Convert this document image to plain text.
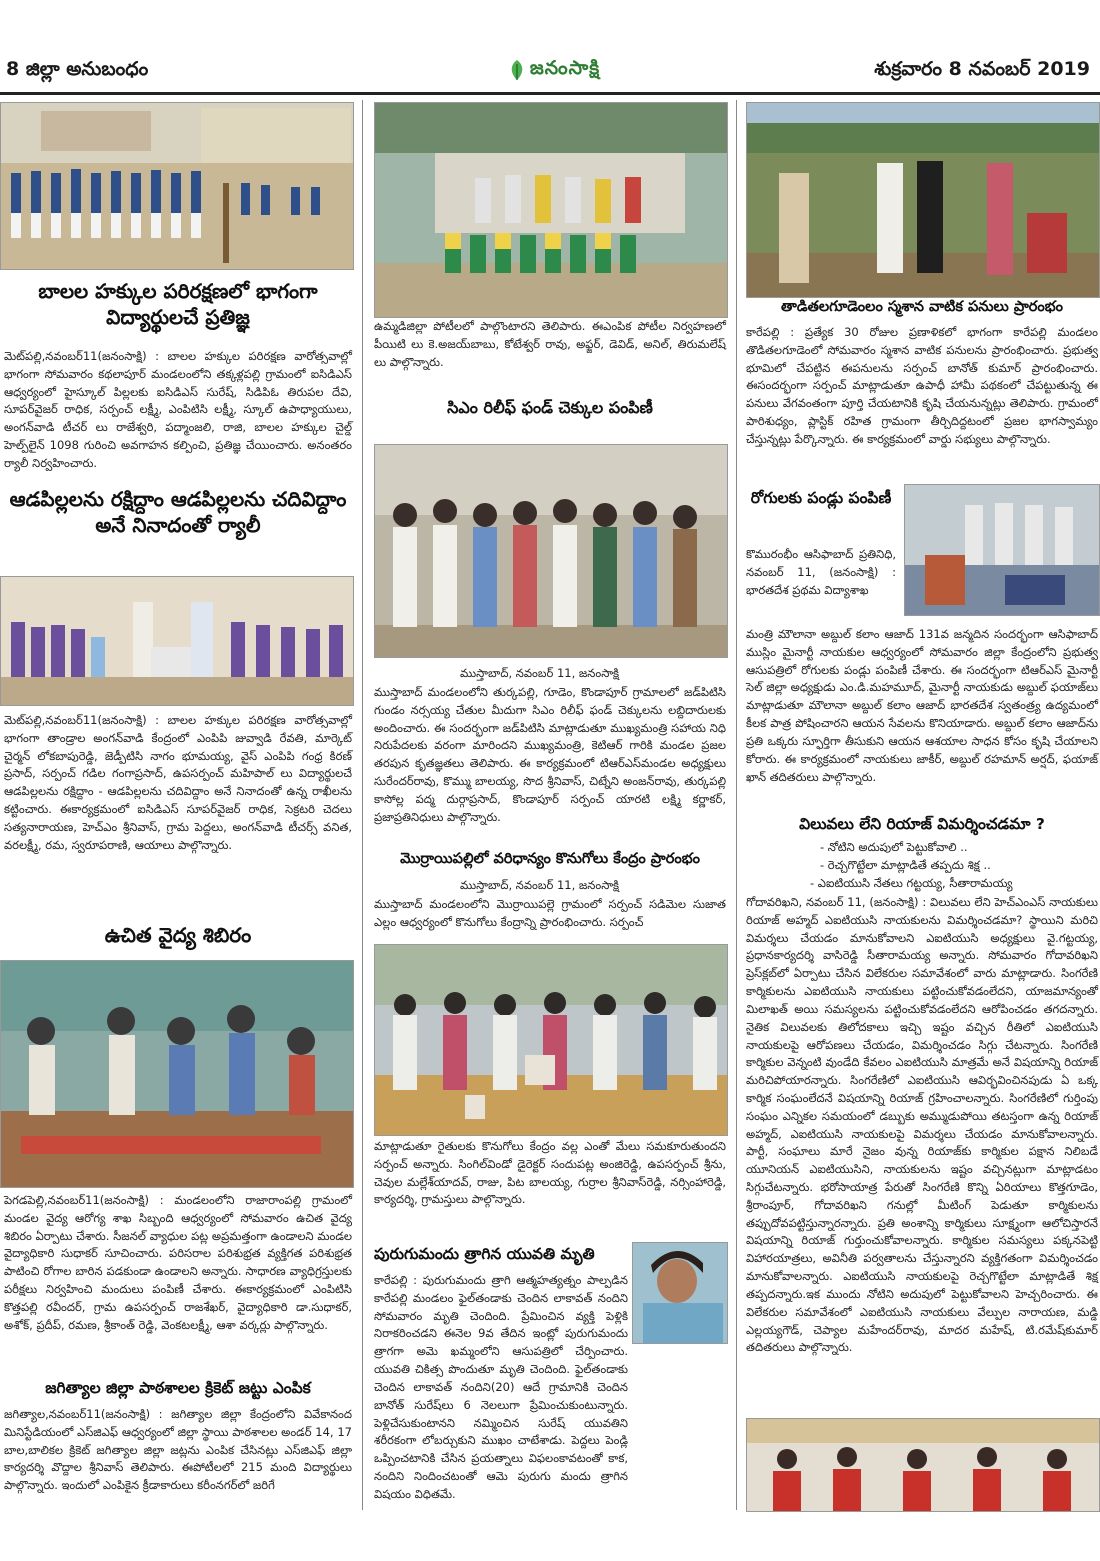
8 జిల్లా అనుబంధం	జనంసాక్షి	శుక్రవారం 8 నవంబర్ 2019
బాలల హక్కుల పరిరక్షణలో భాగంగా విద్యార్థులచే ప్రతిజ్ఞ
మెట్‌పల్లి,నవంబర్11(జనంసాక్షి) : బాలల హక్కుల పరిరక్షణ వారోత్సవాల్లో భాగంగా సోమవారం కథలాపూర్ మండలంలోని తక్కళ్లపల్లి గ్రామంలో ఐసిడిఎస్ ఆధ్వర్యంలో హైస్కూల్ పిల్లలకు ఐసిడిఎస్ సురేష్, సిడిపిఓ తిరుపల దేవి, సూపర్‌వైజర్ రాధిక, సర్పంచ్ లక్ష్మీ, ఎంపిటిసి లక్ష్మీ, స్కూల్ ఉపాధ్యాయులు, అంగన్‌వాడి టీచర్ లు రాజేశ్వరి, పద్మాంజలి, రాజి, బాలల హక్కుల చైల్డ్ హెల్ప్‌లైన్ 1098 గురించి అవగాహన కల్పించి, ప్రతిజ్ఞ చేయించారు. అనంతరం ర్యాలీ నిర్వహించారు.
ఆడపిల్లలను రక్షిద్దాం ఆడపిల్లలను చదివిద్దాం అనే నినాదంతో ర్యాలీ
మెట్‌పల్లి,నవంబర్11(జనంసాక్షి) : బాలల హక్కుల పరిరక్షణ వారోత్సవాల్లో భాగంగా తాండ్రాల అంగన్‌వాడి కేంద్రంలో ఎంపిపి జువ్వాడి రేవతి, మార్కెట్ చైర్మన్ లోకబాపురెడ్డి, జెడ్పీటిసి నాగం భూమయ్య, వైస్ ఎంపిపి గంధ్ర కిరణ్ ప్రసాద్, సర్పంచ్ గడిల గంగాప్రసాద్, ఉపసర్పంచ్ మహిపాల్ లు విద్యార్థులచే ఆడపిల్లలను రక్షిద్దాం - ఆడపిల్లలను చదివిద్దాం అనే నినాదంతో ఉన్న రాఖీలను కట్టించారు. ఈకార్యక్రమంలో ఐసిడిఎస్ సూపర్‌వైజర్ రాధిక, సెక్రటరి చెదలు సత్యనారాయణ, హెచ్‌ఎం శ్రీనివాస్, గ్రామ పెద్దలు, అంగన్‌వాడి టీచర్స్ వనిత, వరలక్ష్మీ, రమ, స్వరూపరాణి, ఆయాలు పాల్గొన్నారు.
ఉచిత వైద్య శిబిరం
పెగడపెల్లి,నవంబర్11(జనంసాక్షి) : మండలంలోని రాజారాంపల్లి గ్రామంలో మండల వైద్య ఆరోగ్య శాఖ సిబ్బంది ఆధ్వర్యంలో సోమవారం ఉచిత వైద్య శిబిరం ఏర్పాటు చేశారు. సీజనల్ వ్యాధుల పట్ల అప్రమత్తంగా ఉండాలని మండల వైద్యాధికారి సుధాకర్ సూచించారు. పరిసరాల పరిశుభ్రత వ్యక్తిగత పరిశుభ్రత పాటించి రోగాల బారిన పడకుండా ఉండాలని అన్నారు. సాధారణ వ్యాధిగ్రస్తులకు పరీక్షలు నిర్వహించి మందులు పంపిణీ చేశారు. ఈకార్యక్రమంలో ఎంపిటిసి కొత్తపల్లి రవీందర్, గ్రామ ఉపసర్పంచ్ రాజశేఖర్, వైద్యాధికారి డా.సుధాకర్, అశోక్, ప్రదీప్, రమణ, శ్రీకాంత్ రెడ్డి, వెంకటలక్ష్మీ, ఆశా వర్కర్లు పాల్గొన్నారు.
జగిత్యాల జిల్లా పాఠశాలల క్రికెట్ జట్టు ఎంపిక
జగిత్యాల,నవంబర్11(జనంసాక్షి) : జగిత్యాల జిల్లా కేంద్రంలోని వివేకానంద మినిస్టేడియంలో ఎస్‌జిఎఫ్ ఆధ్వర్యంలో జిల్లా స్థాయి పాఠశాలల అండర్ 14, 17 బాల,బాలికల క్రికెట్ జగిత్యాల జిల్లా జట్లను ఎంపిక చేసినట్లు ఎస్‌జిఎఫ్ జిల్లా కార్యదర్శి వొద్దాల శ్రీనివాస్ తెలిపారు. ఈపోటీలలో 215 మంది విద్యార్థులు పాల్గొన్నారు. ఇందులో ఎంపికైన క్రీడాకారులు కరీంనగర్‌లో జరిగే
ఉమ్మడిజిల్లా పోటీలలో పాల్గొంటారని తెలిపారు. ఈఎంపిక పోటీల నిర్వహణలో పీయిటి లు కె.అజయ్‌బాబు, కోటేశ్వర్ రావు, అఫ్జర్, డెవిడ్, అనిల్, తిరుమలేష్ లు పాల్గొన్నారు.
సిఎం రిలీఫ్ ఫండ్ చెక్కుల పంపిణీ
ముస్తాబాద్, నవంబర్ 11, జనంసాక్షి
ముస్తాబాద్ మండలంలోని తుర్కపల్లి, గూడెం, కొండాపూర్ గ్రామాలలో జడ్‌పిటిసి గుండం నర్సయ్య చేతుల మీదుగా సిఎం రిలీఫ్ ఫండ్ చెక్కులను లబ్దిదారులకు అందించారు. ఈ సందర్భంగా జడ్‌పిటిసి మాట్లాడుతూ ముఖ్యమంత్రి సహాయ నిధి నిరుపేదలకు వరంగా మారిందని ముఖ్యమంత్రి, కెటిఆర్ గారికి మండల ప్రజల తరపున కృతజ్ఞతలు తెలిపారు. ఈ కార్యక్రమంలో టిఆర్ఎస్‌మండల అధ్యక్షులు సురేందర్‌రావు, కొమ్ము బాలయ్య, సొద శ్రీనివాస్, చిట్నేని అంజన్‌రావు, తుర్కపల్లి కాసోల్ల పద్మ దుర్గాప్రసాద్, కొండాపూర్ సర్పంచ్ యారటి లక్ష్మి కర్ణాకర్, ప్రజాప్రతినిధులు పాల్గొన్నారు.
మొర్రాయిపల్లిలో వరిధాన్యం కొనుగోలు కేంద్రం ప్రారంభం
ముస్తాబాద్, నవంబర్ 11, జనంసాక్షి
ముస్తాబాద్ మండలంలోని మొర్రాయిపల్లె గ్రామంలో సర్పంచ్ సడిమెల సుజాత ఎల్లం ఆధ్వర్యంలో కొనుగోలు కేంద్రాన్ని ప్రారంభించారు. సర్పంచ్
మాట్లాడుతూ రైతులకు కొనుగోలు కేంద్రం వల్ల ఎంతో మేలు సమకూరుతుందని సర్పంచ్ అన్నారు. సింగిల్‌విండో డైరెక్టర్ సందుపట్ల అంజిరెడ్డి, ఉపసర్పంచ్ శ్రీను, చెవుల మల్లేశ్‌యాదవ్, రాజు, పిట బాలయ్య, గుర్రాల శ్రీనివాస్‌రెడ్డి, నర్సింహారెడ్డి, కార్యదర్శి, గ్రామస్తులు పాల్గొన్నారు.
పురుగుమందు త్రాగిన యువతి మృతి
కారేపల్లి : పురుగుమందు త్రాగి ఆత్మహత్యత్నం పాల్పడిన కారేపల్లి మండలం ఫైల్‌తండాకు చెందిన లాకావత్ నందిని సోమవారం మృతి చెందింది. ప్రేమించిన వ్యక్తి పెళ్లికి నిరాకరించడని ఈనెల 9వ తేదిన ఇంట్లో పురుగుమందు త్రాగగా అమె ఖమ్మంలోని ఆసుపత్రిలో చేర్పించారు. యువతి చికిత్స పొందుతూ మృతి చెందింది. ఫైల్‌తండాకు చెందిన లాకావత్ నందిని(20) ఆదే గ్రామానికి చెందిన బానోత్ సురేష్‌లు 6 నెలలుగా ప్రేమించుకుంటున్నారు. పెళ్లిచేసుకుంటానని నమ్మించిన సురేష్ యువతిని శరీరకంగా లోబర్చుకుని ముఖం చాటేశాడు. పెద్దలు పెండ్లి ఒప్పించటానికి చేసిన ప్రయత్నాలు విఫలంకావటంతో కాక, నందిని నిందించటంతో ఆమె పురుగు మందు త్రాగిన విషయం విధితమే.
తాడితలగూడెంలం స్మశాన వాటిక పనులు ప్రారంభం
కారేపల్లి : ప్రత్యేక 30 రోజుల ప్రణాళికలో భాగంగా కారేపల్లి మండలం తొడితలగూడెంలో సోమవారం స్మశాన వాటిక పనులను ప్రారంభించారు. ప్రభుత్వ భూమిలో చేపట్టిన ఈపనులను సర్పంచ్ బానోత్ కుమార్ ప్రారంభించారు. ఈసందర్భంగా సర్పంచ్ మాట్లాడుతూ ఉపాధీ హామీ పథకంలో చేపట్టుతున్న ఈ పనులు వేగవంతంగా పూర్తి చేయటానికి కృషి చేయనున్నట్లు తెలిపారు. గ్రామంలో పారిశుధ్యం, ప్లాస్టిక్ రహిత గ్రామంగా తీర్చిదిద్దటంలో ప్రజల భాగస్వామ్యం చేస్తున్నట్లు పేర్కొన్నారు. ఈ కార్యక్రమంలో వార్డు సభ్యులు పాల్గొన్నారు.
రోగులకు పండ్లు పంపిణీ
కొమురంభీం ఆసిఫాబాద్ ప్రతినిధి, నవంబర్ 11, (జనంసాక్షి) : భారతదేశ ప్రథమ విద్యాశాఖ
మంత్రి మౌలానా అబ్దుల్ కలాం ఆజాద్ 131వ జన్మదిన సందర్భంగా ఆసిఫాబాద్ ముస్లిం మైనార్టీ నాయకుల ఆధ్వర్యంలో సోమవారం జిల్లా కేంద్రంలోని ప్రభుత్వ ఆసుపత్రిలో రోగులకు పండ్లు పంపిణీ చేశారు. ఈ సందర్భంగా టిఆర్ఎస్ మైనార్టీ సెల్ జిల్లా అధ్యక్షుడు ఎం.డి.మహమూద్, మైనార్టీ నాయకుడు అబ్దుల్ ఫయాజ్‌లు మాట్లాడుతూ మౌలానా అబ్దుల్ కలాం ఆజాద్ భారతదేశ స్వతంత్ర్య ఉద్యమంలో కీలక పాత్ర పోషించారని ఆయన సేవలను కొనియాడారు. అబ్దుల్ కలాం ఆజాద్‌ను ప్రతి ఒక్కరు స్ఫూర్తిగా తీసుకుని ఆయన ఆశయాల సాధన కోసం కృషి చేయాలని కోరారు. ఈ కార్యక్రమంలో నాయకులు జాకీర్, అబ్దుల్ రహమాన్ అర్షద్, ఫయాజ్ ఖాన్ తదితరులు పాల్గొన్నారు.
విలువలు లేని రియాజ్ విమర్శించడమా ?
- నోటిని అదుపులో పెట్టుకోవాలి ..
- రెచ్చగొట్టేలా మాట్లాడితే తప్పదు శిక్ష ..
- ఎఐటియుసి నేతలు గట్టయ్య, సీతారామయ్య
గోదావరిఖని, నవంబర్ 11, (జనంసాక్షి) : విలువలు లేని హెచ్ఎంఎస్ నాయకులు రియాజ్ అహ్మద్ ఎఐటియుసి నాయకులను విమర్శించడమా? స్థాయిని మరిచి విమర్శలు చేయడం మానుకోవాలని ఎఐటియుసి అధ్యక్షులు వై.గట్టయ్య, ప్రధానకార్యదర్శి వాసిరెడ్డి సీతారామయ్య అన్నారు. సోమవారం గోదావరిఖని ప్రెస్‌క్లబ్‌లో ఏర్పాటు చేసిన విలేకరుల సమావేశంలో వారు మాట్లాడారు. సింగరేణి కార్మికులను ఎఐటియుసి నాయకులు పట్టించుకోవడంలేదని, యాజమాన్యంతో మిలాఖత్ అయి సమస్యలను పట్టించుకోవడంలేదని ఆరోపించడం తగదన్నారు. నైతిక విలువలకు తిలోదకాలు ఇచ్చి ఇష్టం వచ్చిన రీతిలో ఎఐటియుసి నాయకులపై ఆరోపణలు చేయడం, విమర్శించడం సిగ్గు చేటన్నారు. సింగరేణి కార్మికుల వెన్నంటి వుండేది కేవలం ఎఐటియుసి మాత్రమే అనే విషయాన్ని రియాజ్ మరిచిపోయారన్నారు. సింగరేణిలో ఎఐటియుసి ఆవిర్భవించినపుడు ఏ ఒక్క కార్మిక సంఘంలేదనే విషయాన్ని రియాజ్ గ్రహించాలన్నారు. సింగరేణిలో గుర్తింపు సంఘం ఎన్నికల సమయంలో డబ్బుకు అమ్ముడుపోయి తటస్తంగా ఉన్న రియాజ్ అహ్మద్, ఎఐటియుసి నాయకులపై విమర్శలు చేయడం మానుకోవాలన్నారు. పార్టీ, సంఘాలు మారే నైజం వున్న రియాజ్‌కు కార్మికుల పక్షాన నిలిబడే యూనియన్ ఎఐటియుసిని, నాయకులను ఇష్టం వచ్చినట్లుగా మాట్లాడటం సిగ్గుచేటన్నారు. భరోసాయాత్ర పేరుతో సింగరేణి కొన్ని ఏరియాలు కొత్తగూడెం, శ్రీరాంపూర్, గోదావరిఖని గనుల్లో మీటింగ్ పెడుతూ కార్మికులను తప్పుదోవపట్టిస్తున్నారన్నారు. ప్రతి అంశాన్ని కార్మికులు సూక్ష్మంగా ఆలోచిస్తారనే విషయాన్ని రియాజ్ గుర్తుంచుకోవాలన్నారు. కార్మికుల సమస్యలు పక్కనపెట్టి విహారయాత్రలు, అవినీతి పర్వతాలను చేస్తున్నారని వ్యక్తిగతంగా విమర్శించడం మానుకోవాలన్నారు. ఎఐటియుసి నాయకులపై రెచ్చగొట్టేలా మాట్లాడితే శిక్ష తప్పదన్నారు.ఇక ముందు నోటిని అదుపులో పెట్టుకోవాలని హెచ్చరించారు. ఈ విలేకరుల సమావేశంలో ఎఐటియుసి నాయకులు వేల్పుల నారాయణ, మడ్డి ఎల్లయ్యగౌడ్, చెప్యాల మహేందర్‌రావు, మాదర మహేష్, టి.రమేష్‌కుమార్ తదితరులు పాల్గొన్నారు.
